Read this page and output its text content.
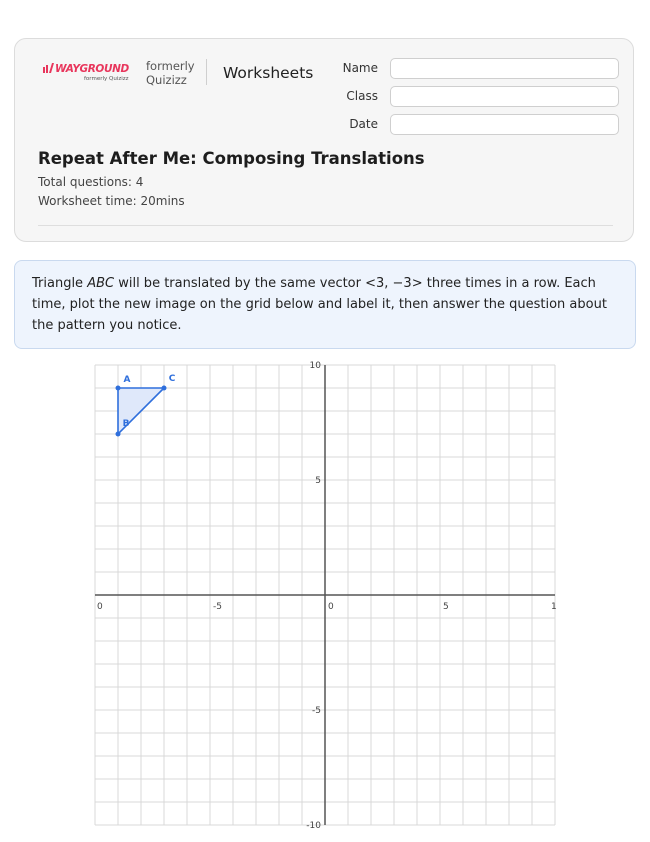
WAYGROUND
formerly Quizizz
formerly
Quizizz	Worksheets Name
Class
Date
Repeat After Me: Composing Translations
Total questions: 4
Worksheet time: 20mins
Triangle ABC will be translated by the same vector <3, −3> three times in a row. Each time, plot the new image on the grid below and label it, then answer the question about the pattern you notice.
0	-5	0	5	1
10
5
-5
-10
A
B
C
